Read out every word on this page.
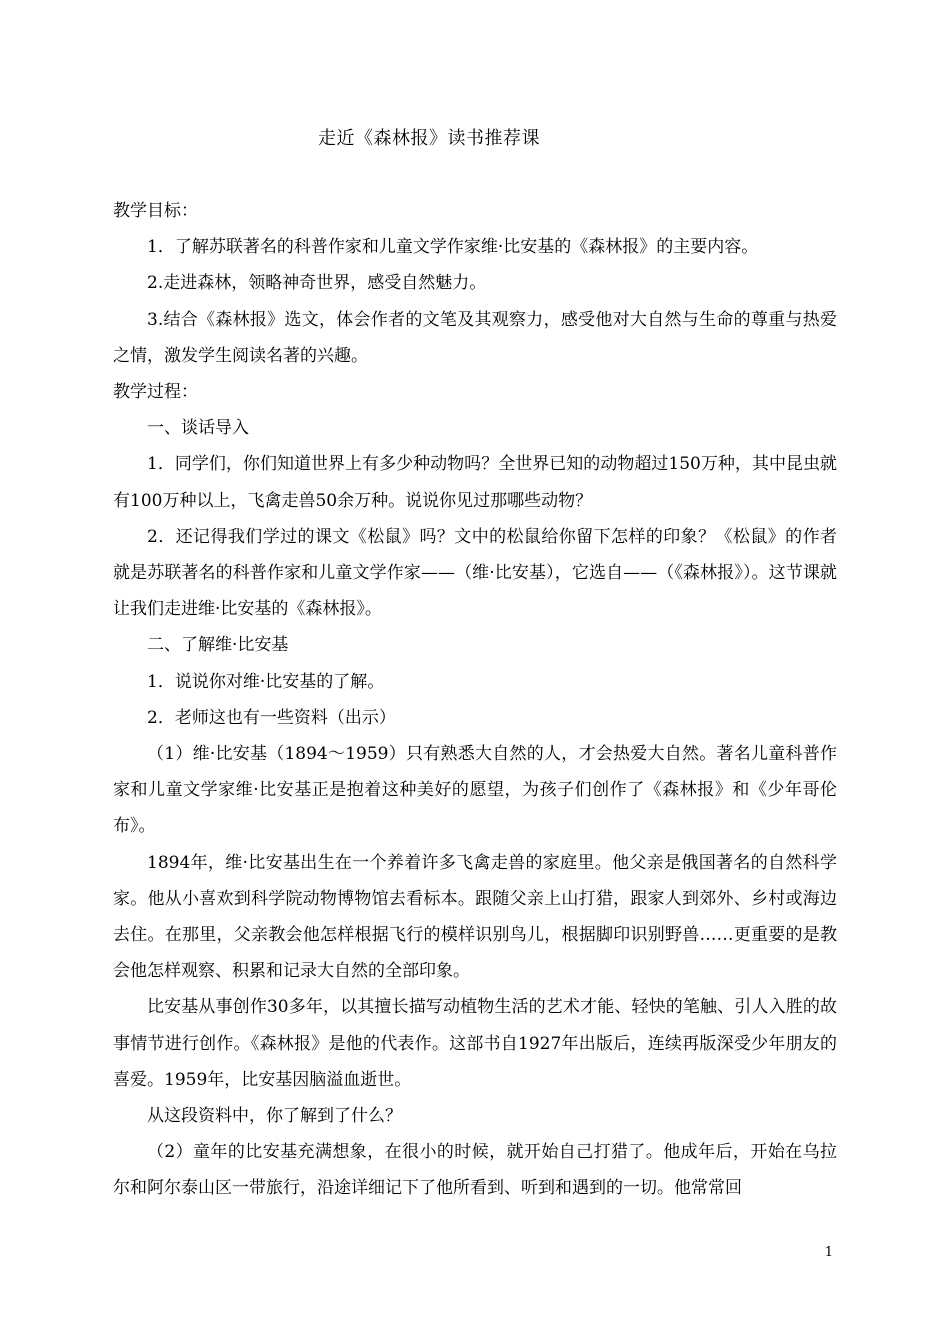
走近《森林报》读书推荐课

教学目标：

1．了解苏联著名的科普作家和儿童文学作家维·比安基的《森林报》的主要内容。

2.走进森林，领略神奇世界，感受自然魅力。

3.结合《森林报》选文，体会作者的文笔及其观察力，感受他对大自然与生命的尊重与热爱之情，激发学生阅读名著的兴趣。

教学过程：

一、谈话导入

1．同学们，你们知道世界上有多少种动物吗？全世界已知的动物超过150万种，其中昆虫就有100万种以上，飞禽走兽50余万种。说说你见过那哪些动物？

2．还记得我们学过的课文《松鼠》吗？文中的松鼠给你留下怎样的印象？《松鼠》的作者就是苏联著名的科普作家和儿童文学作家——（维·比安基），它选自——（《森林报》）。这节课就让我们走进维·比安基的《森林报》。

二、了解维·比安基

1．说说你对维·比安基的了解。

2．老师这也有一些资料（出示）

（1）维·比安基（1894～1959）只有熟悉大自然的人，才会热爱大自然。著名儿童科普作家和儿童文学家维·比安基正是抱着这种美好的愿望，为孩子们创作了《森林报》和《少年哥伦布》。

1894年，维·比安基出生在一个养着许多飞禽走兽的家庭里。他父亲是俄国著名的自然科学家。他从小喜欢到科学院动物博物馆去看标本。跟随父亲上山打猎，跟家人到郊外、乡村或海边去住。在那里，父亲教会他怎样根据飞行的模样识别鸟儿，根据脚印识别野兽……更重要的是教会他怎样观察、积累和记录大自然的全部印象。

比安基从事创作30多年，以其擅长描写动植物生活的艺术才能、轻快的笔触、引人入胜的故事情节进行创作。《森林报》是他的代表作。这部书自1927年出版后，连续再版深受少年朋友的喜爱。1959年，比安基因脑溢血逝世。

从这段资料中，你了解到了什么？

（2）童年的比安基充满想象，在很小的时候，就开始自己打猎了。他成年后，开始在乌拉尔和阿尔泰山区一带旅行，沿途详细记下了他所看到、听到和遇到的一切。他常常回

1
